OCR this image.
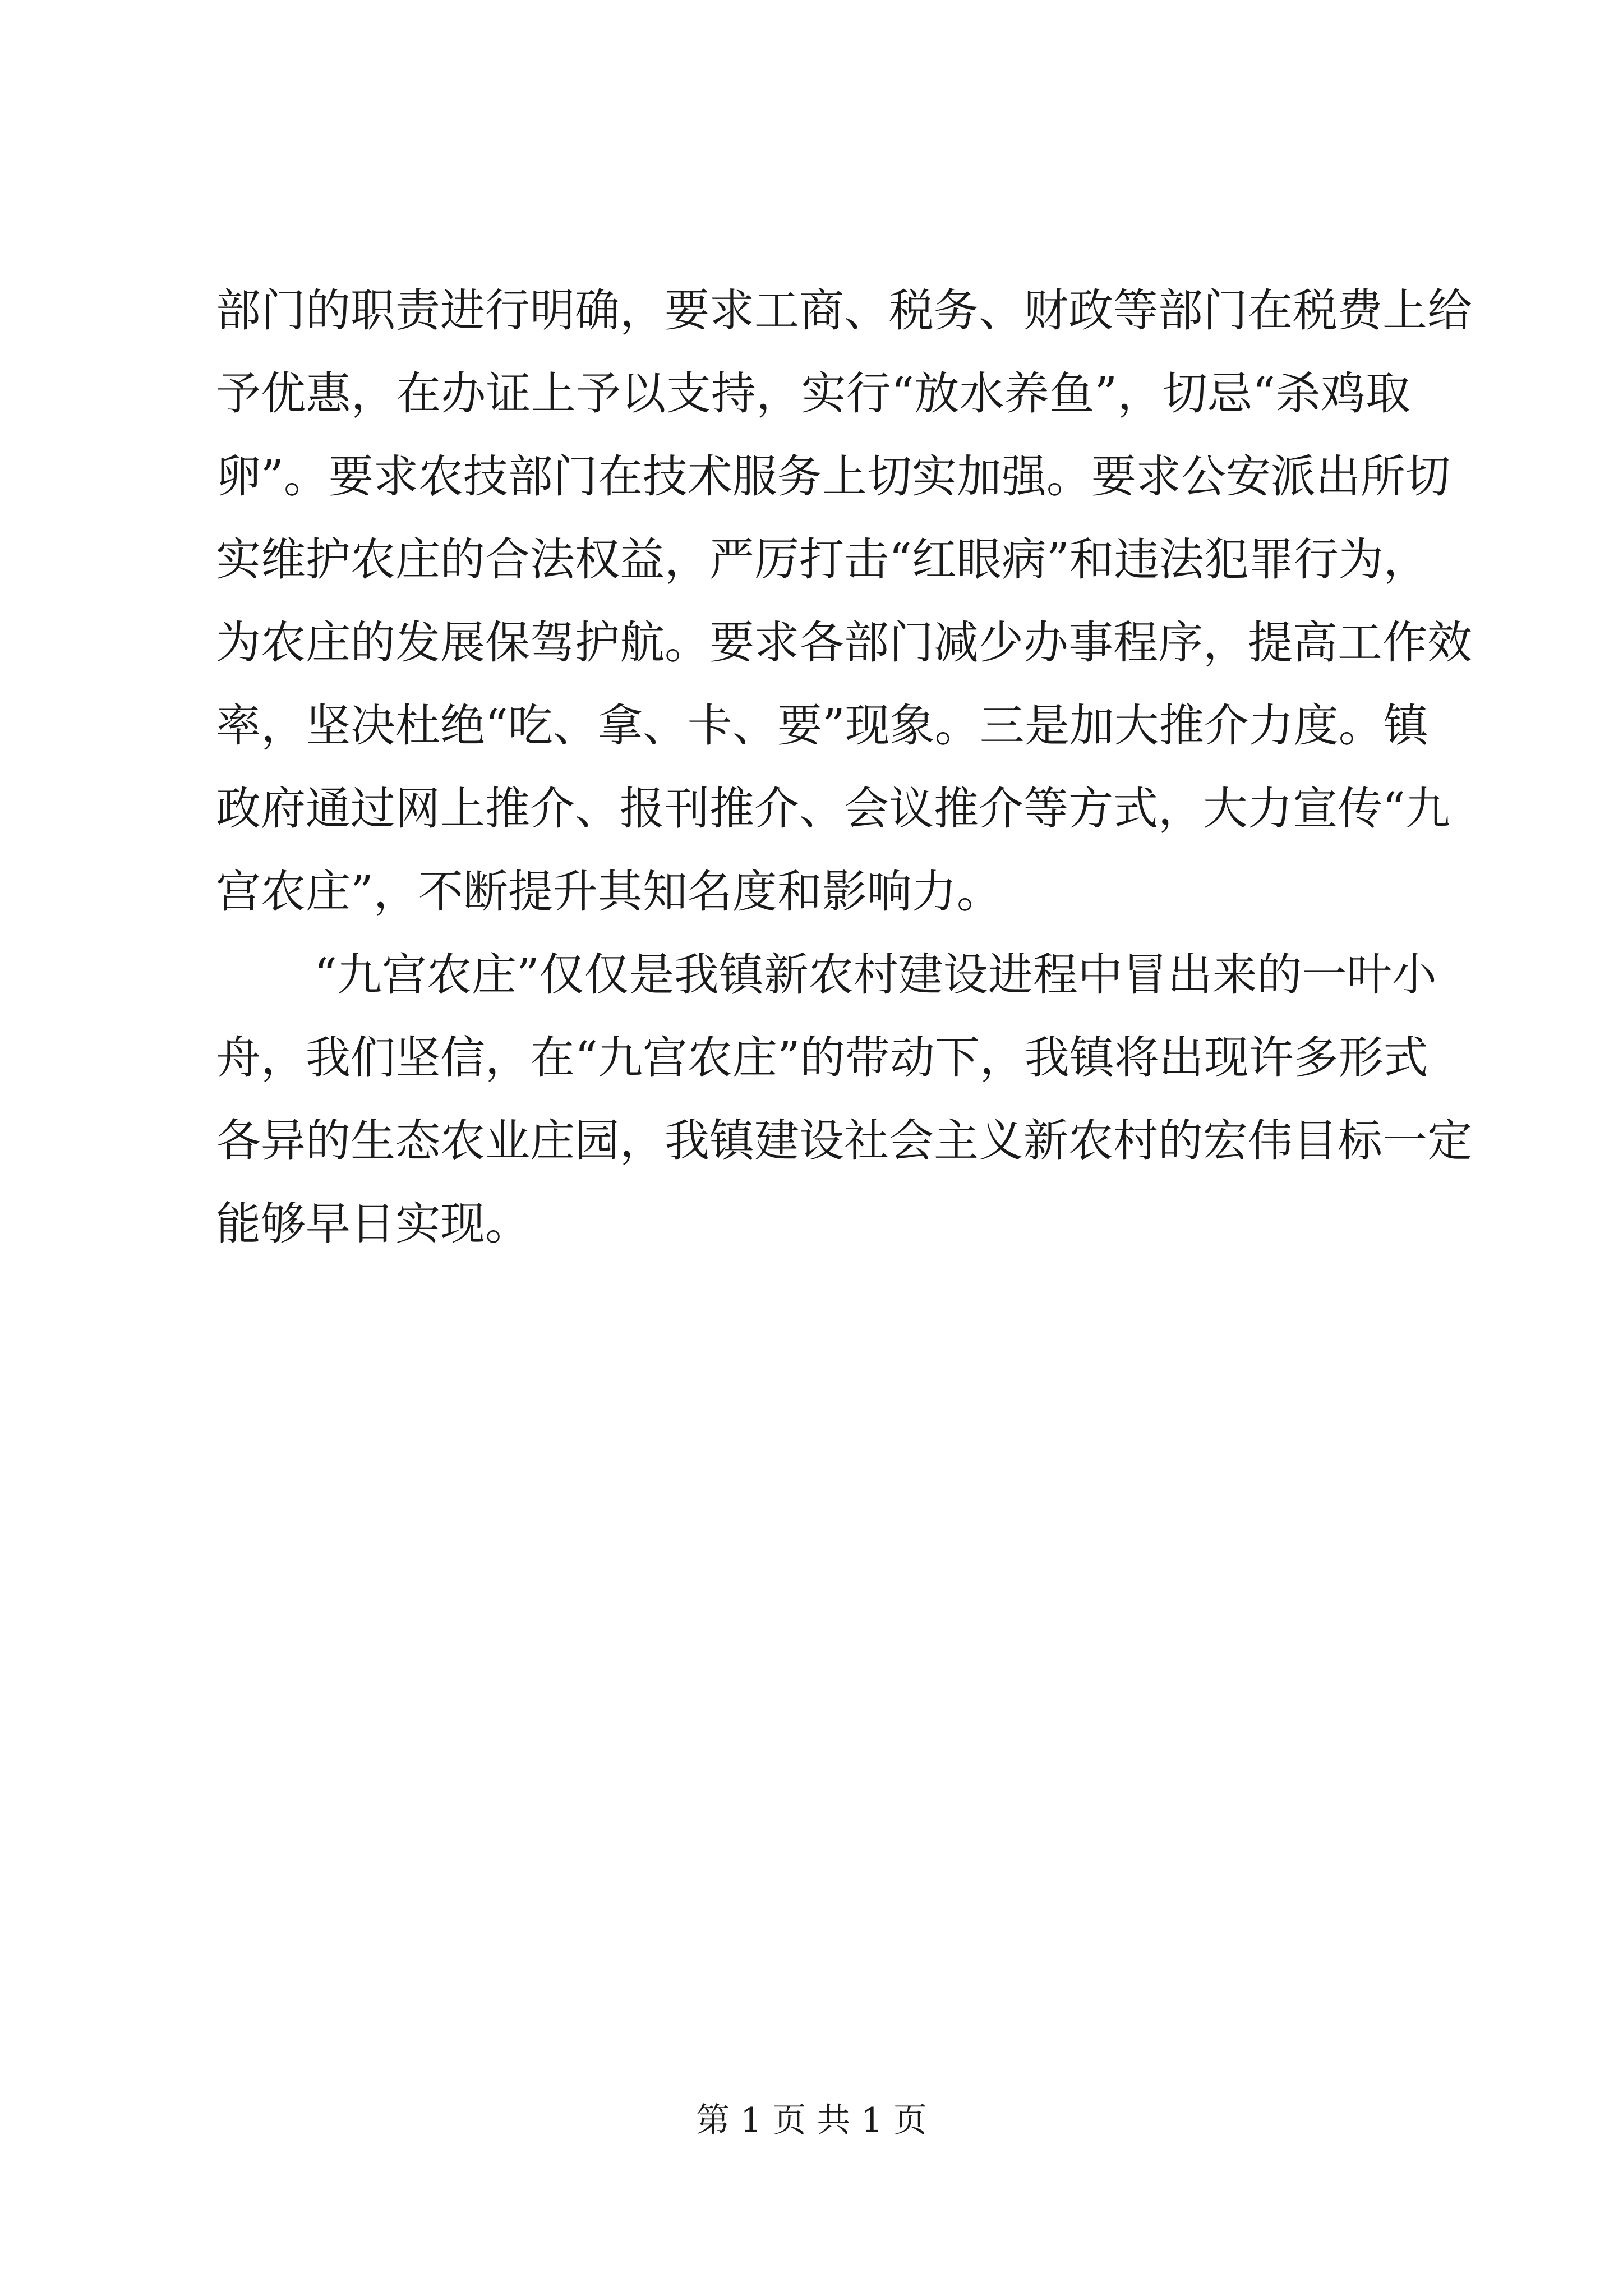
部门的职责进行明确，要求工商、税务、财政等部门在税费上给
予优惠，在办证上予以支持，实行“放水养鱼”，切忌“杀鸡取
卵”。要求农技部门在技术服务上切实加强。要求公安派出所切
实维护农庄的合法权益，严厉打击“红眼病”和违法犯罪行为，
为农庄的发展保驾护航。要求各部门减少办事程序，提高工作效
率，坚决杜绝“吃、拿、卡、要”现象。三是加大推介力度。镇
政府通过网上推介、报刊推介、会议推介等方式，大力宣传“九
宫农庄”，不断提升其知名度和影响力。
“九宫农庄”仅仅是我镇新农村建设进程中冒出来的一叶小
舟，我们坚信，在“九宫农庄”的带动下，我镇将出现许多形式
各异的生态农业庄园，我镇建设社会主义新农村的宏伟目标一定
能够早日实现。
第 1 页 共 1 页
